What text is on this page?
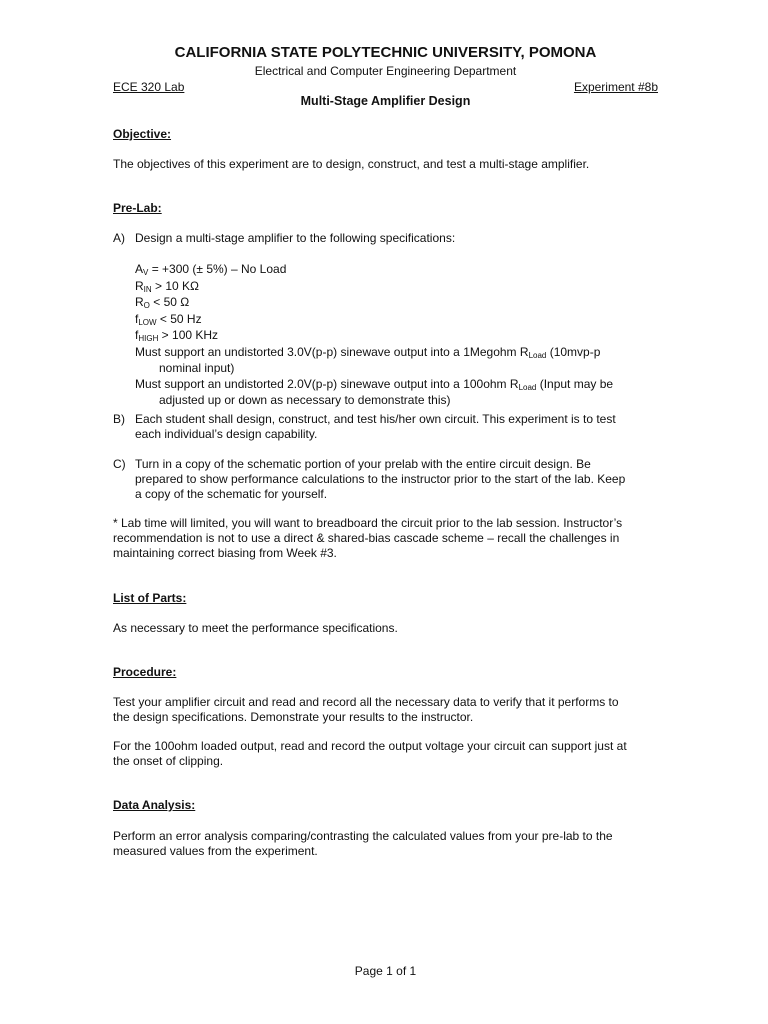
CALIFORNIA STATE POLYTECHNIC UNIVERSITY, POMONA
Electrical and Computer Engineering Department
ECE 320 Lab	Experiment #8b
Multi-Stage Amplifier Design
Objective:
The objectives of this experiment are to design, construct, and test a multi-stage amplifier.
Pre-Lab:
A) Design a multi-stage amplifier to the following specifications:
$A_V = +300$ (± 5%) – No Load
$R_{IN} > 10$ KΩ
$R_O < 50$ Ω
$f_{LOW} < 50$ Hz
$f_{HIGH} > 100$ KHz
Must support an undistorted 3.0V(p-p) sinewave output into a 1Megohm $R_{Load}$ (10mvp-p
nominal input)
Must support an undistorted 2.0V(p-p) sinewave output into a 100ohm $R_{Load}$ (Input may be
adjusted up or down as necessary to demonstrate this)
B) Each student shall design, construct, and test his/her own circuit. This experiment is to test
each individual’s design capability.
C) Turn in a copy of the schematic portion of your prelab with the entire circuit design. Be
prepared to show performance calculations to the instructor prior to the start of the lab. Keep
a copy of the schematic for yourself.
* Lab time will limited, you will want to breadboard the circuit prior to the lab session. Instructor’s
recommendation is not to use a direct & shared-bias cascade scheme – recall the challenges in
maintaining correct biasing from Week #3.
List of Parts:
As necessary to meet the performance specifications.
Procedure:
Test your amplifier circuit and read and record all the necessary data to verify that it performs to
the design specifications. Demonstrate your results to the instructor.
For the 100ohm loaded output, read and record the output voltage your circuit can support just at
the onset of clipping.
Data Analysis:
Perform an error analysis comparing/contrasting the calculated values from your pre-lab to the
measured values from the experiment.
Page 1 of 1
